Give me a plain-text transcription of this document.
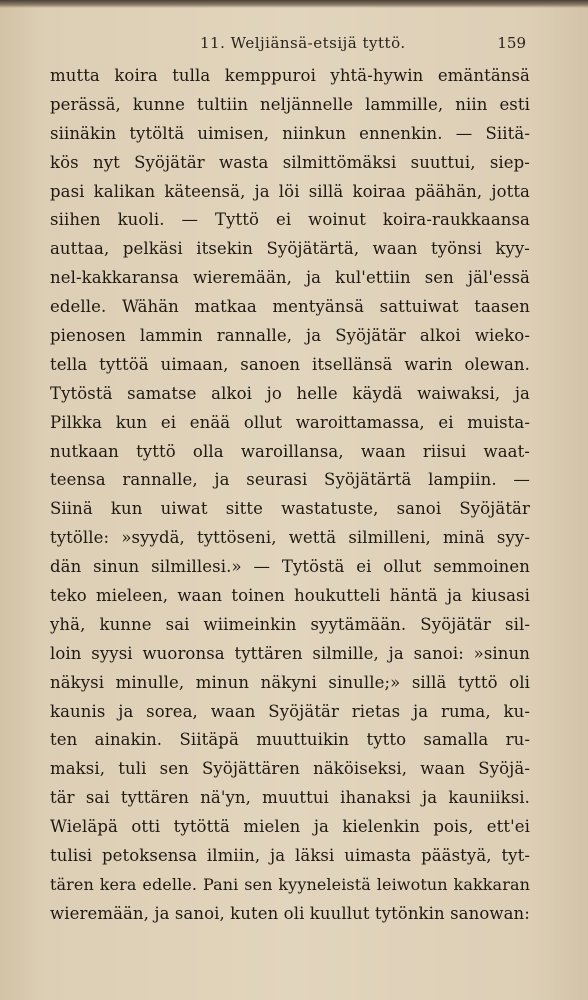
11. Weljiänsä-etsijä tyttö.	159
mutta koira tulla kemppuroi yhtä-hywin emäntänsä
perässä, kunne tultiin neljännelle lammille, niin esti
siinäkin tytöltä uimisen, niinkun ennenkin. — Siitä-
kös nyt Syöjätär wasta silmittömäksi suuttui, siep-
pasi kalikan käteensä, ja löi sillä koiraa päähän, jotta
siihen kuoli. — Tyttö ei woinut koira-raukkaansa
auttaa, pelkäsi itsekin Syöjätärtä, waan työnsi kyy-
nel-kakkaransa wieremään, ja kul'ettiin sen jäl'essä
edelle. Wähän matkaa mentyänsä sattuiwat taasen
pienosen lammin rannalle, ja Syöjätär alkoi wieko-
tella tyttöä uimaan, sanoen itsellänsä warin olewan.
Tytöstä samatse alkoi jo helle käydä waiwaksi, ja
Pilkka kun ei enää ollut waroittamassa, ei muista-
nutkaan tyttö olla waroillansa, waan riisui waat-
teensa rannalle, ja seurasi Syöjätärtä lampiin. —
Siinä kun uiwat sitte wastatuste, sanoi Syöjätär
tytölle: »syydä, tyttöseni, wettä silmilleni, minä syy-
dän sinun silmillesi.» — Tytöstä ei ollut semmoinen
teko mieleen, waan toinen houkutteli häntä ja kiusasi
yhä, kunne sai wiimeinkin syytämään. Syöjätär sil-
loin syysi wuoronsa tyttären silmille, ja sanoi: »sinun
näkysi minulle, minun näkyni sinulle;» sillä tyttö oli
kaunis ja sorea, waan Syöjätär rietas ja ruma, ku-
ten ainakin. Siitäpä muuttuikin tytto samalla ru-
maksi, tuli sen Syöjättären näköiseksi, waan Syöjä-
tär sai tyttären nä'yn, muuttui ihanaksi ja kauniiksi.
Wieläpä otti tytöttä mielen ja kielenkin pois, ett'ei
tulisi petoksensa ilmiin, ja läksi uimasta päästyä, tyt-
tären kera edelle. Pani sen kyyneleistä leiwotun kakkaran
wieremään, ja sanoi, kuten oli kuullut tytönkin sanowan:
